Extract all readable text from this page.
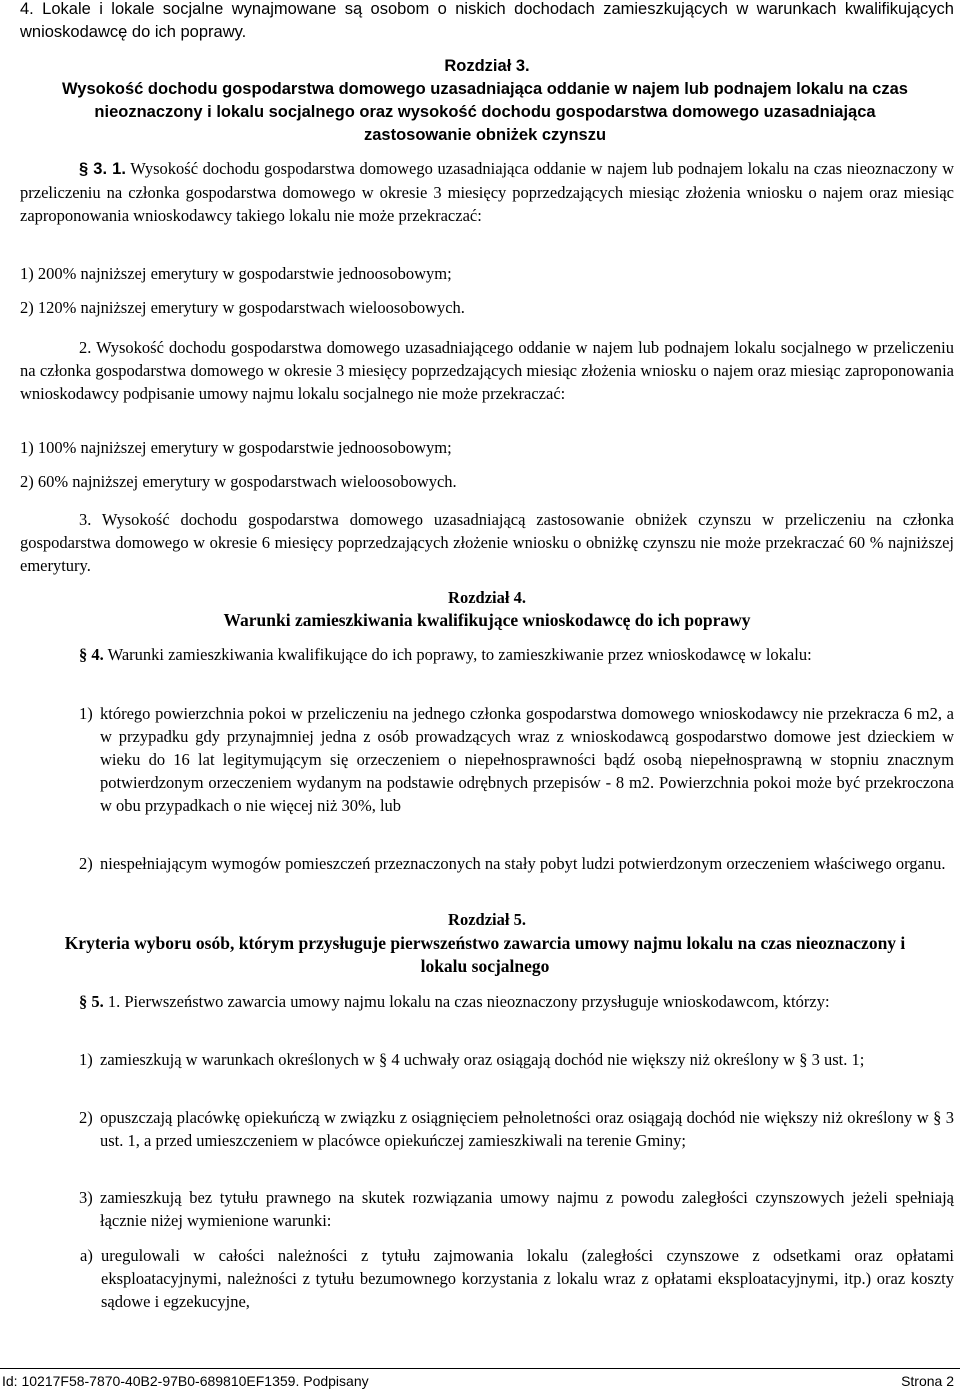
4. Lokale i lokale socjalne wynajmowane są osobom o niskich dochodach zamieszkujących w warunkach kwalifikujących wnioskodawcę do ich poprawy.
Rozdział 3.
Wysokość dochodu gospodarstwa domowego uzasadniająca oddanie w najem lub podnajem lokalu na czas nieoznaczony i lokalu socjalnego oraz wysokość dochodu gospodarstwa domowego uzasadniająca zastosowanie obniżek czynszu
§ 3. 1. Wysokość dochodu gospodarstwa domowego uzasadniająca oddanie w najem lub podnajem lokalu na czas nieoznaczony w przeliczeniu na członka gospodarstwa domowego w okresie 3 miesięcy poprzedzających miesiąc złożenia wniosku o najem oraz miesiąc zaproponowania wnioskodawcy takiego lokalu nie może przekraczać:
1) 200% najniższej emerytury w gospodarstwie jednoosobowym;
2) 120% najniższej emerytury w gospodarstwach wieloosobowych.
2. Wysokość dochodu gospodarstwa domowego uzasadniającego oddanie w najem lub podnajem lokalu socjalnego w przeliczeniu na członka gospodarstwa domowego w okresie 3 miesięcy poprzedzających miesiąc złożenia wniosku o najem oraz miesiąc zaproponowania wnioskodawcy podpisanie umowy najmu lokalu socjalnego nie może przekraczać:
1) 100% najniższej emerytury w gospodarstwie jednoosobowym;
2) 60% najniższej emerytury w gospodarstwach wieloosobowych.
3. Wysokość dochodu gospodarstwa domowego uzasadniającą zastosowanie obniżek czynszu w przeliczeniu na członka gospodarstwa domowego w okresie 6 miesięcy poprzedzających złożenie wniosku o obniżkę czynszu nie może przekraczać 60 % najniższej emerytury.
Rozdział 4.
Warunki zamieszkiwania kwalifikujące wnioskodawcę do ich poprawy
§ 4. Warunki zamieszkiwania kwalifikujące do ich poprawy, to zamieszkiwanie przez wnioskodawcę w lokalu:
1) którego powierzchnia pokoi w przeliczeniu na jednego członka gospodarstwa domowego wnioskodawcy nie przekracza 6 m2, a w przypadku gdy przynajmniej jedna z osób prowadzących wraz z wnioskodawcą gospodarstwo domowe jest dzieckiem w wieku do 16 lat legitymującym się orzeczeniem o niepełnosprawności bądź osobą niepełnosprawną w stopniu znacznym potwierdzonym orzeczeniem wydanym na podstawie odrębnych przepisów - 8 m2. Powierzchnia pokoi może być przekroczona w obu przypadkach o nie więcej niż 30%, lub
2) niespełniającym wymogów pomieszczeń przeznaczonych na stały pobyt ludzi potwierdzonym orzeczeniem właściwego organu.
Rozdział 5.
Kryteria wyboru osób, którym przysługuje pierwszeństwo zawarcia umowy najmu lokalu na czas nieoznaczony i lokalu socjalnego
§ 5. 1. Pierwszeństwo zawarcia umowy najmu lokalu na czas nieoznaczony przysługuje wnioskodawcom, którzy:
1) zamieszkują w warunkach określonych w § 4 uchwały oraz osiągają dochód nie większy niż określony w § 3 ust. 1;
2) opuszczają placówkę opiekuńczą w związku z osiągnięciem pełnoletności oraz osiągają dochód nie większy niż określony w § 3 ust. 1, a przed umieszczeniem w placówce opiekuńczej zamieszkiwali na terenie Gminy;
3) zamieszkują bez tytułu prawnego na skutek rozwiązania umowy najmu z powodu zaległości czynszowych jeżeli spełniają łącznie niżej wymienione warunki:
a) uregulowali w całości należności z tytułu zajmowania lokalu (zaległości czynszowe z odsetkami oraz opłatami eksploatacyjnymi, należności z tytułu bezumownego korzystania z lokalu wraz z opłatami eksploatacyjnymi, itp.) oraz koszty sądowe i egzekucyjne,
Id: 10217F58-7870-40B2-97B0-689810EF1359. Podpisany	Strona 2
